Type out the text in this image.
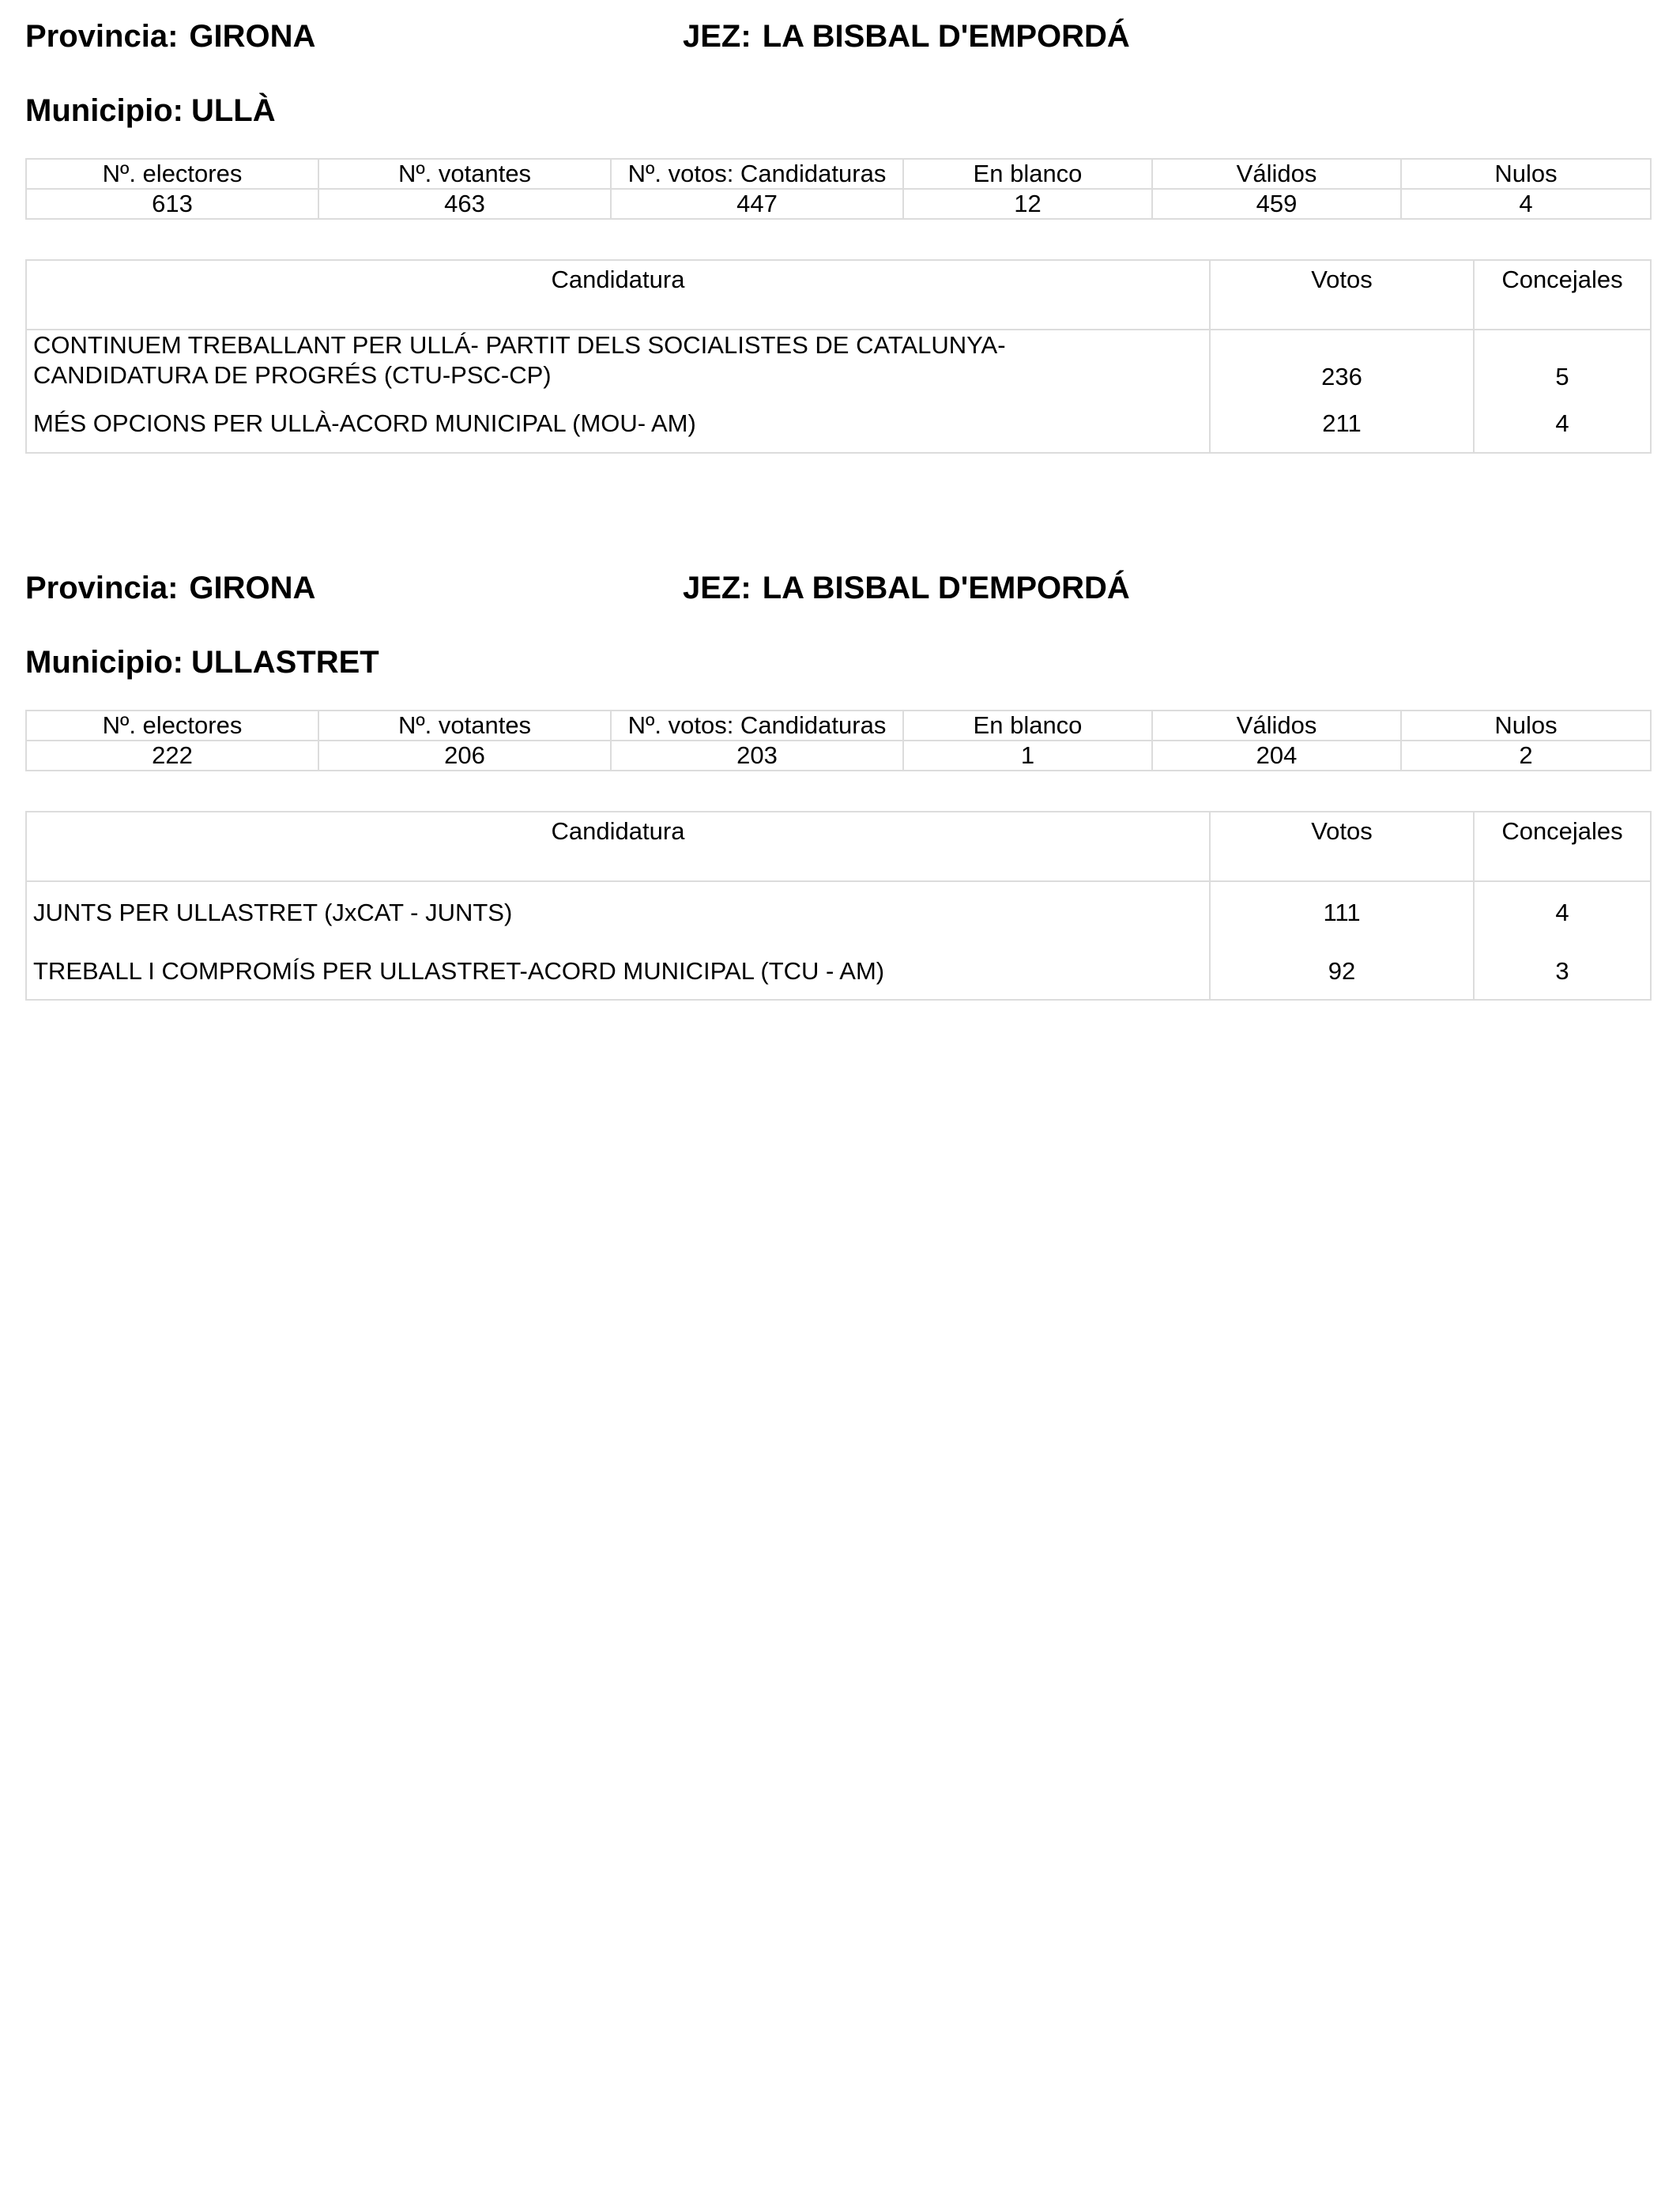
Provincia: GIRONA	JEZ: LA BISBAL D'EMPORDÁ
Municipio: ULLÀ
Nº. electores	Nº. votantes	Nº. votos: Candidaturas	En blanco	Válidos	Nulos
613	463	447	12	459	4
Candidatura	Votos	Concejales

CONTINUEM TREBALLANT PER ULLÁ- PARTIT DELS SOCIALISTES DE CATALUNYA-
CANDIDATURA DE PROGRÉS (CTU-PSC-CP)	236	5
MÉS OPCIONS PER ULLÀ-ACORD MUNICIPAL (MOU- AM)	211	4
Provincia: GIRONA	JEZ: LA BISBAL D'EMPORDÁ
Municipio: ULLASTRET
Nº. electores	Nº. votantes	Nº. votos: Candidaturas	En blanco	Válidos	Nulos
222	206	203	1	204	2
Candidatura	Votos	Concejales
JUNTS PER ULLASTRET (JxCAT - JUNTS)	111	4
TREBALL I COMPROMÍS PER ULLASTRET-ACORD MUNICIPAL (TCU - AM)	92	3
